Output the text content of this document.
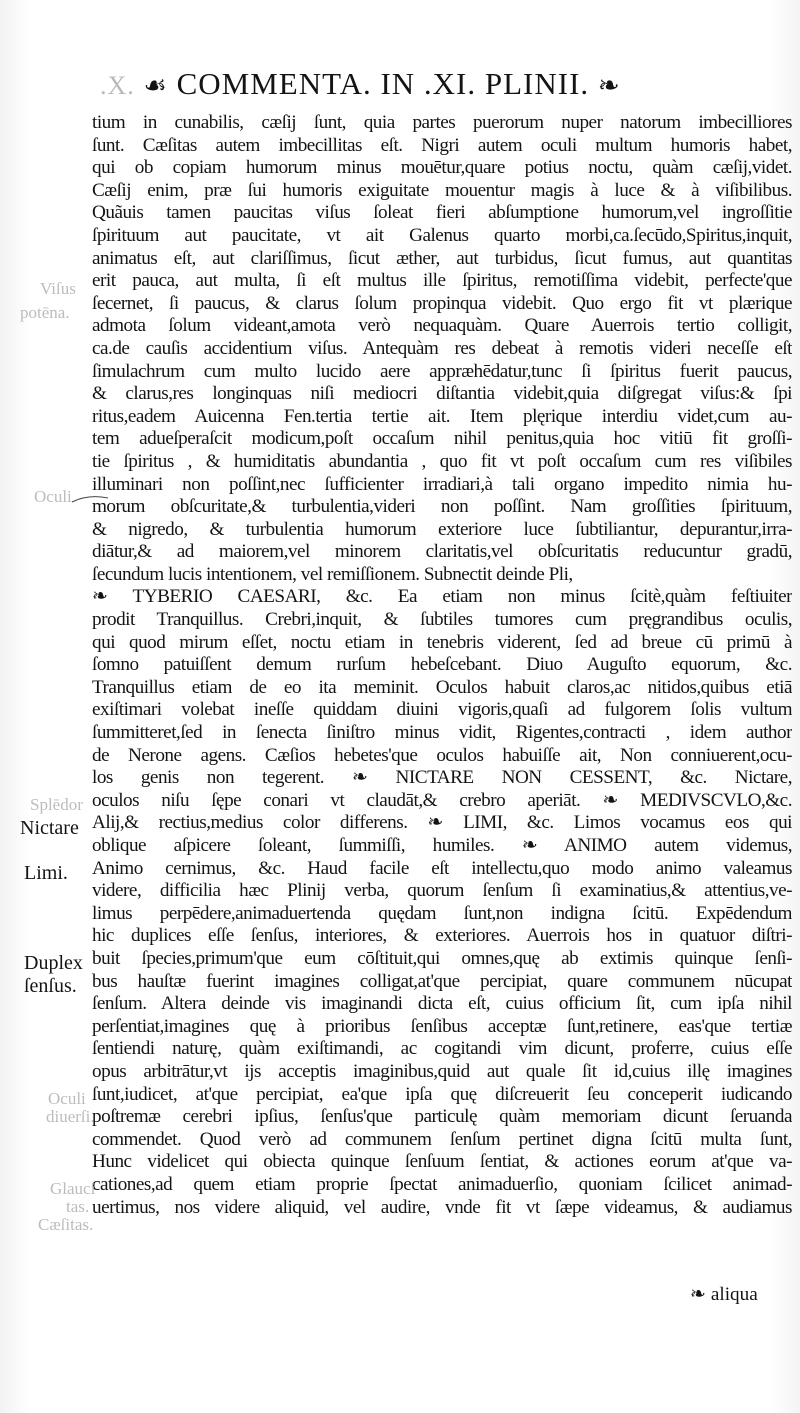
.X. ☙ COMMENTA. IN .XI. PLINII. ❧
tium in cunabilis, cæſij ſunt, quia partes puerorum nuper natorum imbecilliores
ſunt. Cæſitas autem imbecillitas eſt. Nigri autem oculi multum humoris habet,
qui ob copiam humorum minus mouētur,quare potius noctu, quàm cæſij,videt.
Cæſij enim, præ ſui humoris exiguitate mouentur magis à luce & à viſibilibus.
Quãuis tamen paucitas viſus ſoleat fieri abſumptione humorum,vel ingroſſitie
ſpirituum aut paucitate, vt ait Galenus quarto morbi,ca.ſecūdo,Spiritus,inquit,
animatus eſt, aut clariſſimus, ſicut æther, aut turbidus, ſicut fumus, aut quantitas
erit pauca, aut multa, ſi eſt multus ille ſpiritus, remotiſſima videbit, perfecte'que
ſecernet, ſi paucus, & clarus ſolum propinqua videbit. Quo ergo fit vt plærique
admota ſolum videant,amota verò nequaquàm. Quare Auerrois tertio colligit,
ca.de cauſis accidentium viſus. Antequàm res debeat à remotis videri neceſſe eſt
ſimulachrum cum multo lucido aere appræhēdatur,tunc ſi ſpiritus fuerit paucus,
& clarus,res longinquas niſi mediocri diſtantia videbit,quia diſgregat viſus:& ſpi
ritus,eadem Auicenna Fen.tertia tertie ait. Item plęrique interdiu videt,cum au-
tem adueſperaſcit modicum,poſt occaſum nihil penitus,quia hoc vitiū fit groſſi-
tie ſpiritus , & humiditatis abundantia , quo fit vt poſt occaſum cum res viſibiles
illuminari non poſſint,nec ſufficienter irradiari,à tali organo impedito nimia hu-
morum obſcuritate,& turbulentia,videri non poſſint. Nam groſſities ſpirituum,
& nigredo, & turbulentia humorum exteriore luce ſubtiliantur, depurantur,irra-
diātur,& ad maiorem,vel minorem claritatis,vel obſcuritatis reducuntur gradū,
ſecundum lucis intentionem, vel remiſſionem. Subnectit deinde Pli,
❧ TYBERIO CAESARI, &c. Ea etiam non minus ſcitè,quàm feſtiuiter
prodit Tranquillus. Crebri,inquit, & ſubtiles tumores cum pręgrandibus oculis,
qui quod mirum eſſet, noctu etiam in tenebris viderent, ſed ad breue cū primū à
ſomno patuiſſent demum rurſum hebeſcebant. Diuo Auguſto equorum, &c.
Tranquillus etiam de eo ita meminit. Oculos habuit claros,ac nitidos,quibus etiā
exiſtimari volebat ineſſe quiddam diuini vigoris,quaſi ad fulgorem ſolis vultum
ſummitteret,ſed in ſenecta ſiniſtro minus vidit, Rigentes,contracti , idem author
de Nerone agens. Cæſios hebetes'que oculos habuiſſe ait, Non conniuerent,ocu-
los genis non tegerent. ❧ NICTARE NON CESSENT, &c. Nictare,
oculos niſu ſępe conari vt claudāt,& crebro aperiāt. ❧ MEDIVSCVLO,&c.
Alij,& rectius,medius color differens. ❧ LIMI, &c. Limos vocamus eos qui
oblique aſpicere ſoleant, ſummiſſi, humiles. ❧ ANIMO autem videmus,
Animo cernimus, &c. Haud facile eſt intellectu,quo modo animo valeamus
videre, difficilia hæc Plinij verba, quorum ſenſum ſi examinatius,& attentius,ve-
limus perpēdere,animaduertenda quędam ſunt,non indigna ſcitū. Expēdendum
hic duplices eſſe ſenſus, interiores, & exteriores. Auerrois hos in quatuor diſtri-
buit ſpecies,primum'que eum cōſtituit,qui omnes,quę ab extimis quinque ſenſi-
bus hauſtæ fuerint imagines colligat,at'que percipiat, quare communem nūcupat
ſenſum. Altera deinde vis imaginandi dicta eſt, cuius officium ſit, cum ipſa nihil
perſentiat,imagines quę à prioribus ſenſibus acceptæ ſunt,retinere, eas'que tertiæ
ſentiendi naturę, quàm exiſtimandi, ac cogitandi vim dicunt, proferre, cuius eſſe
opus arbitrātur,vt ijs acceptis imaginibus,quid aut quale ſit id,cuius illę imagines
ſunt,iudicet, at'que percipiat, ea'que ipſa quę diſcreuerit ſeu conceperit iudicando
poſtremæ cerebri ipſius, ſenſus'que particulę quàm memoriam dicunt ſeruanda
commendet. Quod verò ad communem ſenſum pertinet digna ſcitū multa ſunt,
Hunc videlicet qui obiecta quinque ſenſuum ſentiat, & actiones eorum at'que va-
cationes,ad quem etiam proprie ſpectat animaduerſio, quoniam ſcilicet animad-
uertimus, nos videre aliquid, vel audire, vnde fit vt ſæpe videamus, & audiamus
❧ aliqua
Nictare
Limi.
Duplex
ſenſus.
Viſus
potēna.
Oculi
Splēdor
Oculi
diuerſi.
Glauci
tas.
Cæſitas.
